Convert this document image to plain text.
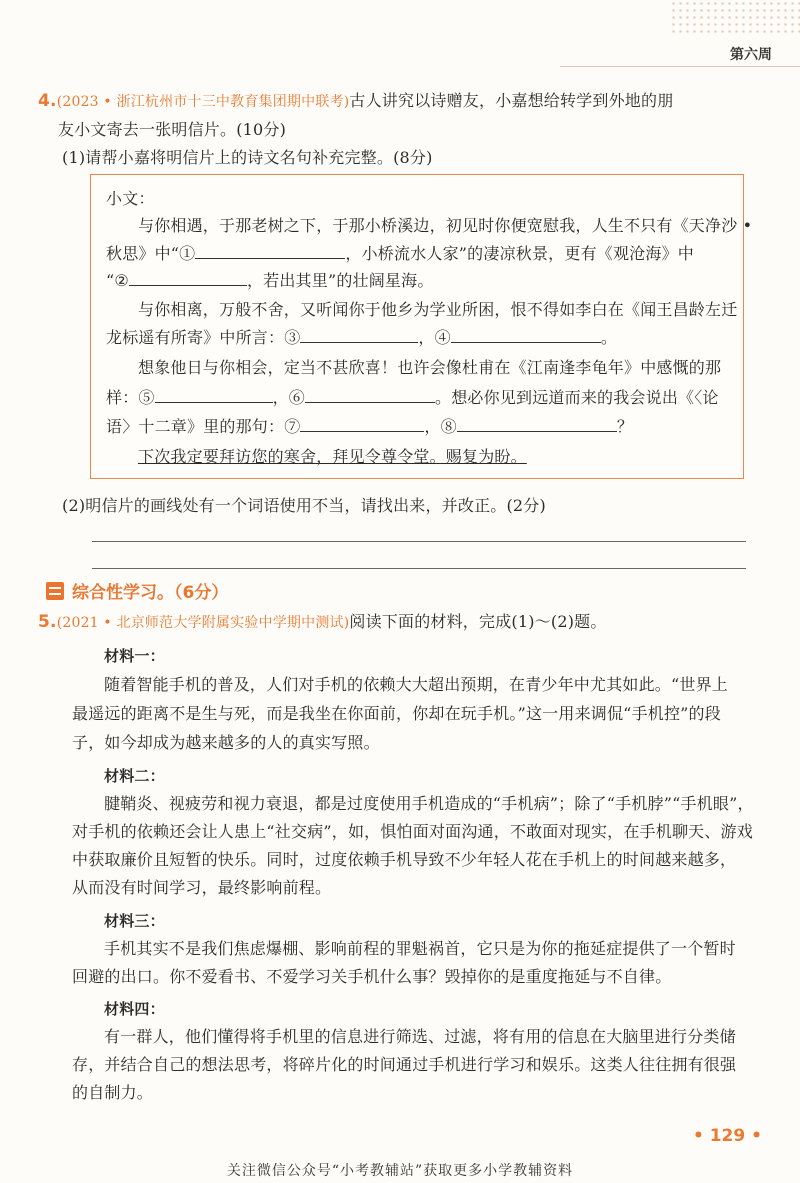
第六周
4.(2023 • 浙江杭州市十三中教育集团期中联考)古人讲究以诗赠友，小嘉想给转学到外地的朋
友小文寄去一张明信片。(10分)
(1)请帮小嘉将明信片上的诗文名句补充完整。(8分)
小文：
与你相遇，于那老树之下，于那小桥溪边，初见时你便宽慰我，人生不只有《天净沙 •
秋思》中“①	，小桥流水人家”的凄凉秋景，更有《观沧海》中
“②	，若出其里”的壮阔星海。
与你相离，万般不舍，又听闻你于他乡为学业所困，恨不得如李白在《闻王昌龄左迁
龙标遥有所寄》中所言：③	，④	。
想象他日与你相会，定当不甚欣喜！也许会像杜甫在《江南逢李龟年》中感慨的那
样：⑤	，⑥	。想必你见到远道而来的我会说出《〈论
语〉十二章》里的那句：⑦	，⑧	？
下次我定要拜访您的寒舍，拜见令尊令堂。赐复为盼。
(2)明信片的画线处有一个词语使用不当，请找出来，并改正。(2分)
综合性学习。（6分）
5.(2021 • 北京师范大学附属实验中学期中测试)阅读下面的材料，完成(1)～(2)题。
材料一：
随着智能手机的普及，人们对手机的依赖大大超出预期，在青少年中尤其如此。“世界上
最遥远的距离不是生与死，而是我坐在你面前，你却在玩手机。”这一用来调侃“手机控”的段
子，如今却成为越来越多的人的真实写照。
材料二：
腱鞘炎、视疲劳和视力衰退，都是过度使用手机造成的“手机病”；除了“手机脖”“手机眼”，
对手机的依赖还会让人患上“社交病”，如，惧怕面对面沟通，不敢面对现实，在手机聊天、游戏
中获取廉价且短暂的快乐。同时，过度依赖手机导致不少年轻人花在手机上的时间越来越多，
从而没有时间学习，最终影响前程。
材料三：
手机其实不是我们焦虑爆棚、影响前程的罪魁祸首，它只是为你的拖延症提供了一个暂时
回避的出口。你不爱看书、不爱学习关手机什么事？毁掉你的是重度拖延与不自律。
材料四：
有一群人，他们懂得将手机里的信息进行筛选、过滤，将有用的信息在大脑里进行分类储
存，并结合自己的想法思考，将碎片化的时间通过手机进行学习和娱乐。这类人往往拥有很强
的自制力。
• 129 •
关注微信公众号“小考教辅站”获取更多小学教辅资料
